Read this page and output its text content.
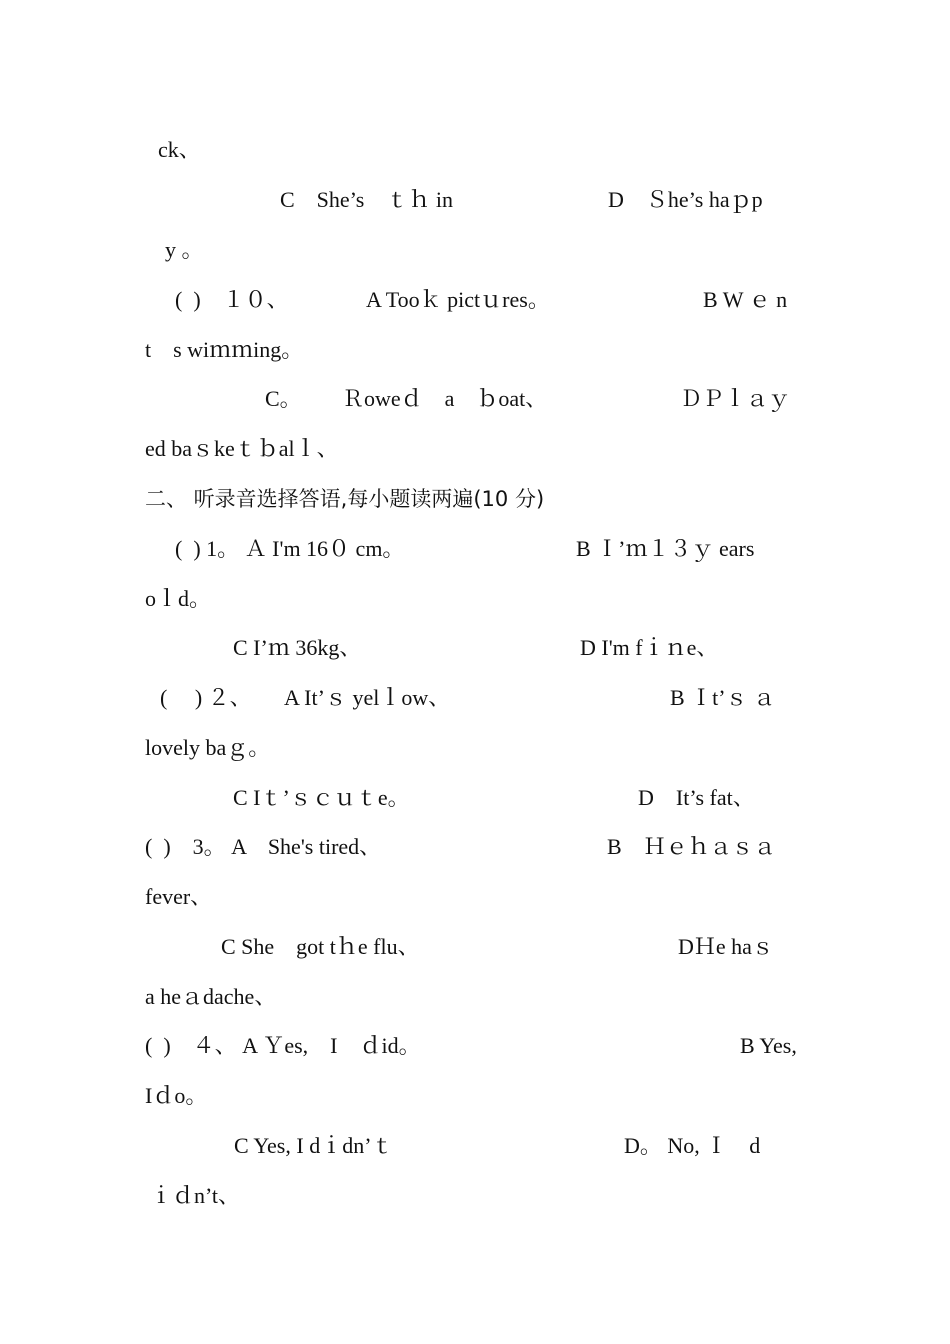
ck、
C　She’s　ｔｈ in	D　Ｓhe’s haｐp
y 。
(  )　１０、	A Tooｋ pictｕres。	B W ｅ n
t　s wiｍｍing。
C。 Ｒoweｄ　a　ｂoat、	ＤＰｌａｙ
ed baｓkeｔｂalｌ、
二、 听录音选择答语,每小题读两遍(10 分)
(  ) 1。 Ａ I'm 16０ cm。	B Ｉ’ｍ１３ｙ ears
oｌd。
C I’ｍ 36kg、	D I'm fｉｎe、
(　 ) ２、 A It’ｓ yelｌow、	B Ｉt’ｓ ａ
lovely baｇ。
C Iｔ’ｓｃｕｔe。	D　It’s fat、
(  )　3。 A　She's tired、	B　Ｈｅｈａｓａ
fever、
C She　got tｈe flu、	DＨe haｓ
a heａdache、
(  )　４、 A Ｙes,　I　ｄid。	B Yes,
Iｄo。
C Yes, I dｉdn’ｔ	D。 No, Ｉ　d
ｉｄn’t、
